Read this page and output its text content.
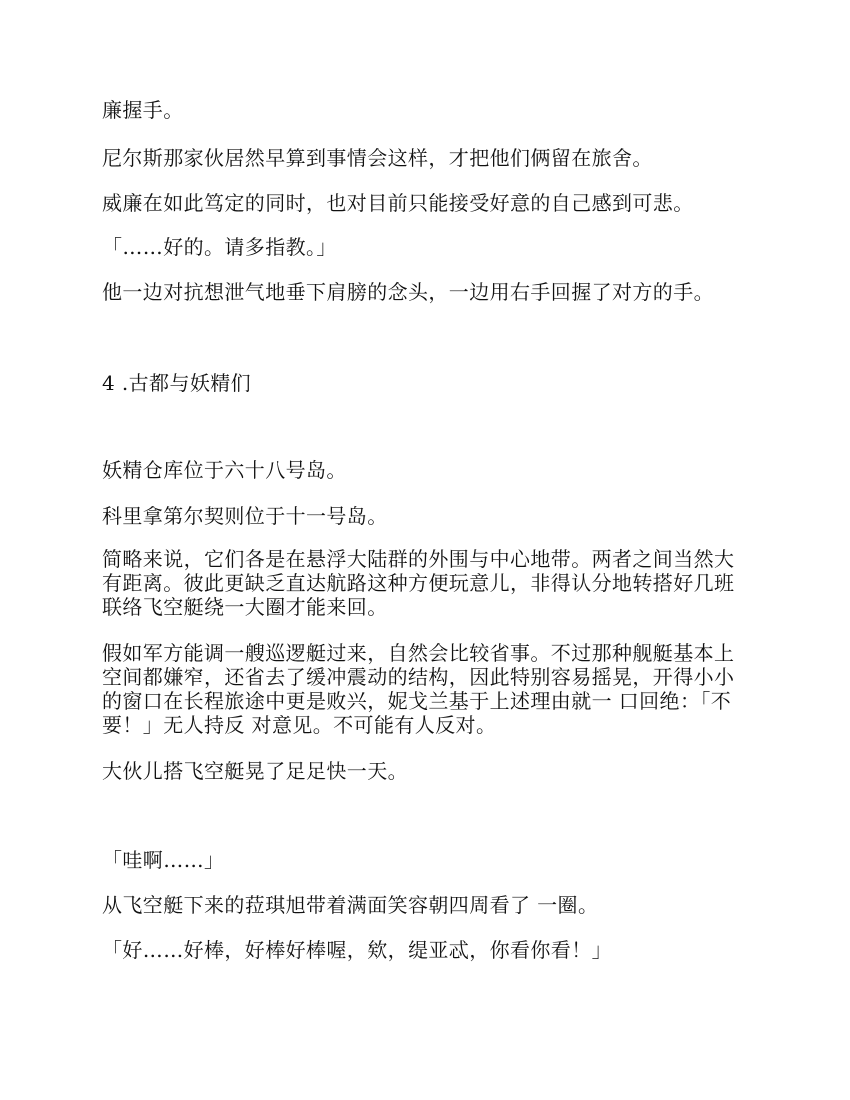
廉握手。

尼尔斯那家伙居然早算到事情会这样，才把他们俩留在旅舍。

威廉在如此笃定的同时，也对目前只能接受好意的自己感到可悲。

「……好的。请多指教。」

他一边对抗想泄气地垂下肩膀的念头，一边用右手回握了对方的手。

4 .古都与妖精们

妖精仓库位于六十八号岛。

科里拿第尔契则位于十一号岛。

简略来说，它们各是在悬浮大陆群的外围与中心地带。两者之间当然大有距离。彼此更缺乏直达航路这种方便玩意儿，非得认分地转搭好几班联络飞空艇绕一大圈才能来回。

假如军方能调一艘巡逻艇过来，自然会比较省事。不过那种舰艇基本上空间都嫌窄，还省去了缓冲震动的结构，因此特别容易摇晃，开得小小的窗口在长程旅途中更是败兴，妮戈兰基于上述理由就一 口回绝：「不要！」无人持反 对意见。不可能有人反对。

大伙儿搭飞空艇晃了足足快一天。

「哇啊……」

从飞空艇下来的菈琪旭带着满面笑容朝四周看了 一圈。

「好……好棒，好棒好棒喔，欸，缇亚忒，你看你看！」
